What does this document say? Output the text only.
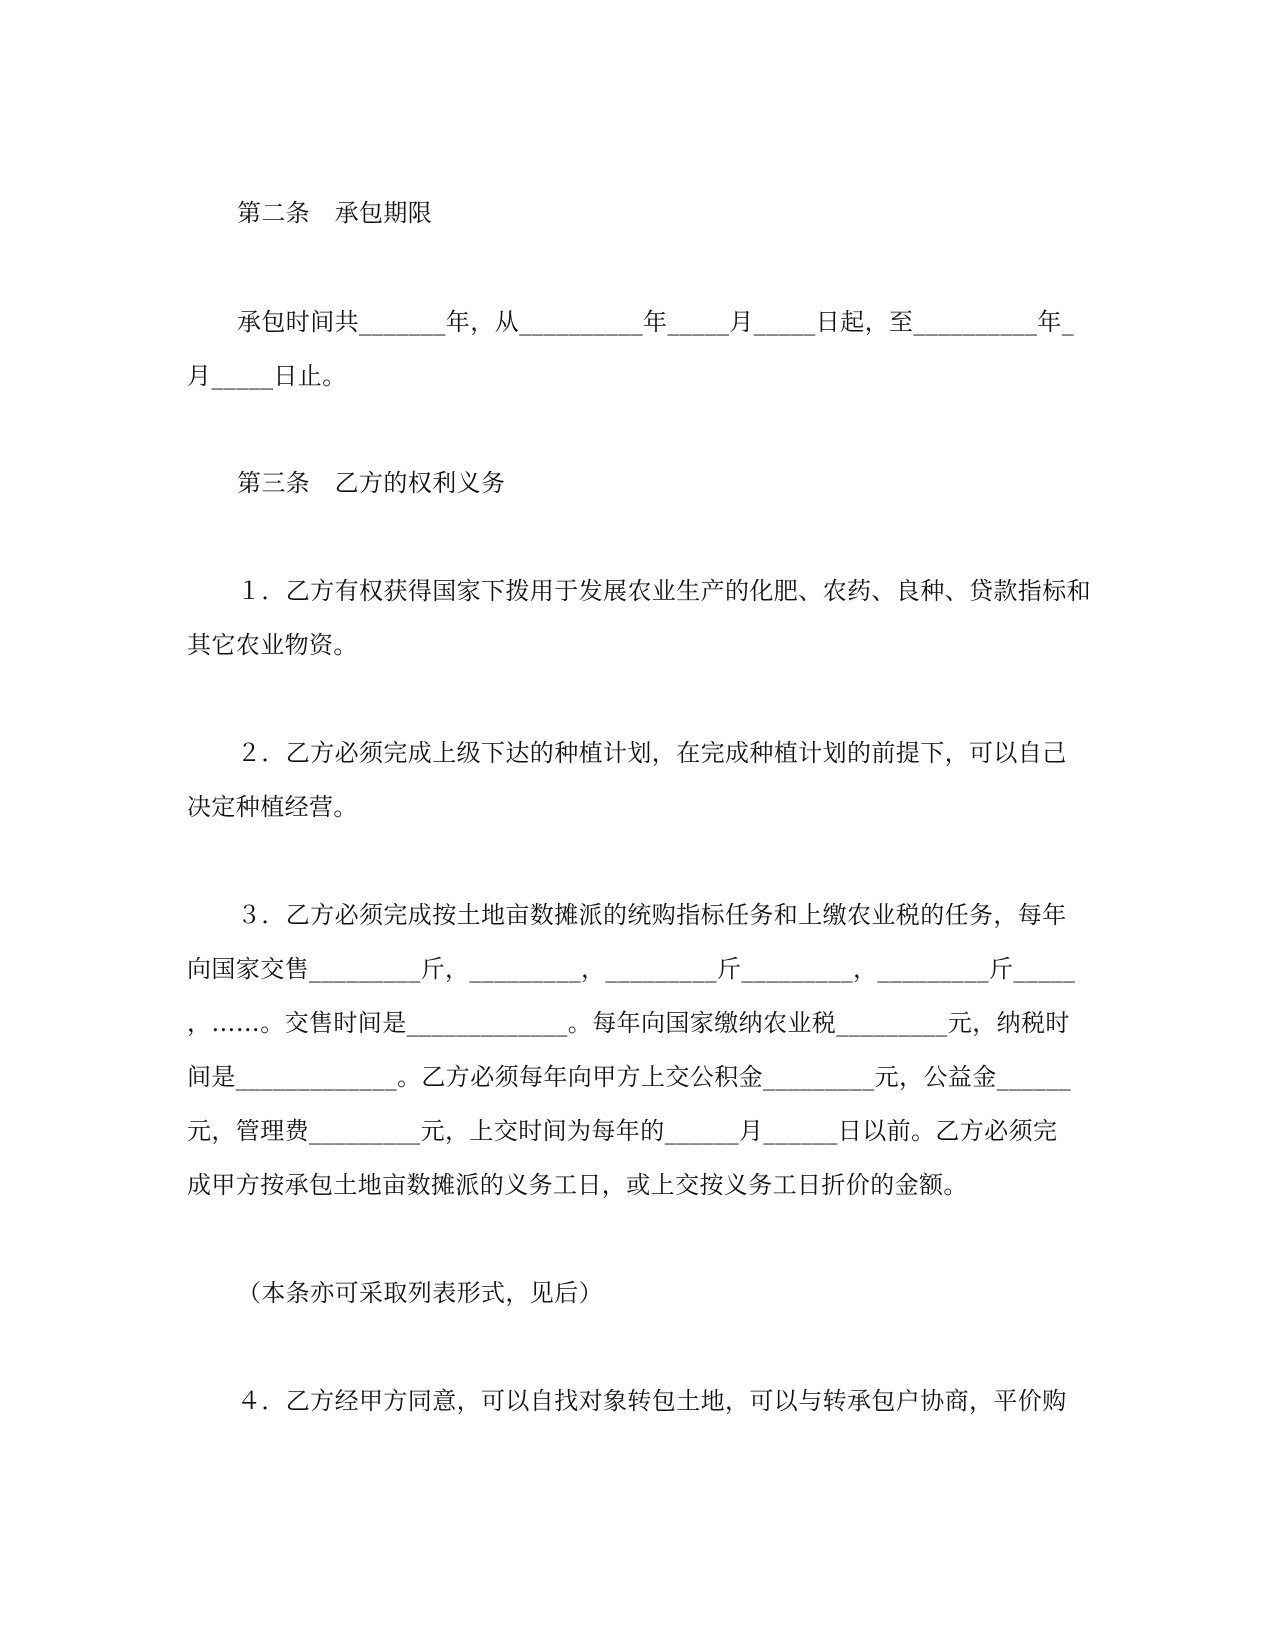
第二条　承包期限
承包时间共_______年，从__________年_____月_____日起，至__________年_
月_____日止。
第三条　乙方的权利义务
１．乙方有权获得国家下拨用于发展农业生产的化肥、农药、良种、贷款指标和
其它农业物资。
２．乙方必须完成上级下达的种植计划，在完成种植计划的前提下，可以自己
决定种植经营。
３．乙方必须完成按土地亩数摊派的统购指标任务和上缴农业税的任务，每年
向国家交售_________斤，_________，_________斤_________，_________斤_____
，……。交售时间是_____________。每年向国家缴纳农业税_________元，纳税时
间是_____________。乙方必须每年向甲方上交公积金_________元，公益金______
元，管理费_________元，上交时间为每年的______月______日以前。乙方必须完
成甲方按承包土地亩数摊派的义务工日，或上交按义务工日折价的金额。
（本条亦可采取列表形式，见后）
４．乙方经甲方同意，可以自找对象转包土地，可以与转承包户协商，平价购
